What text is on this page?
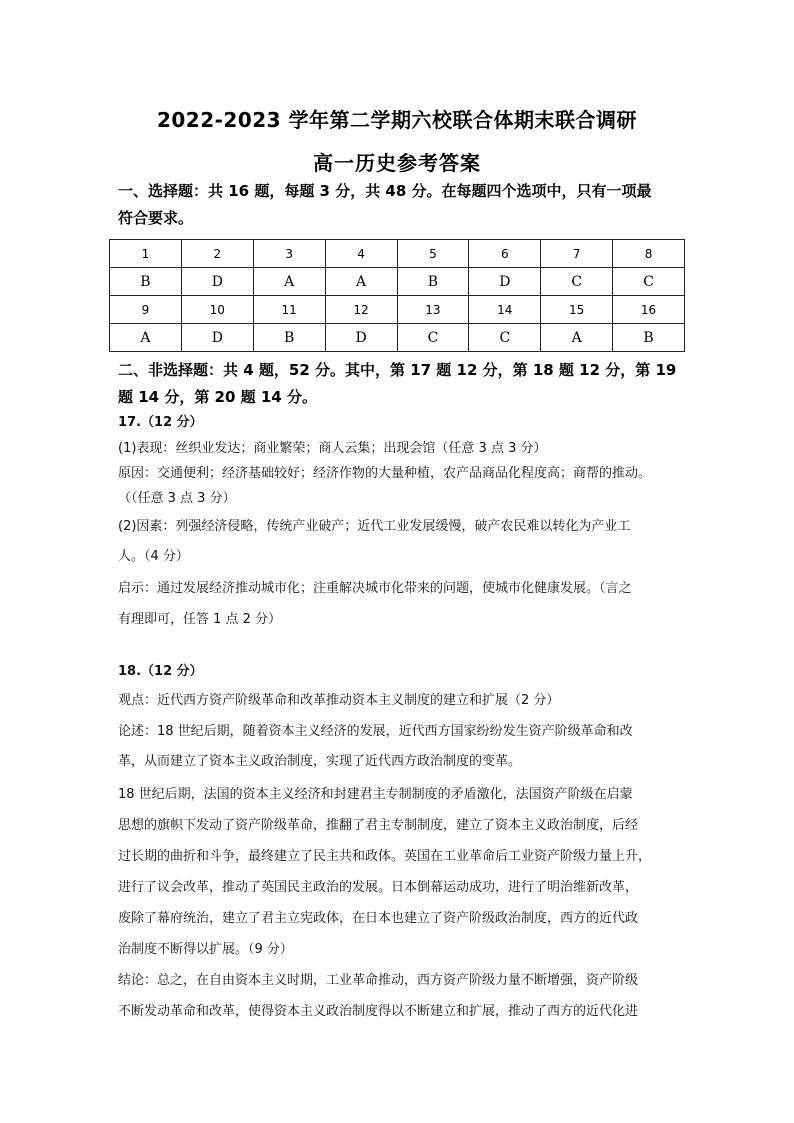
2022-2023 学年第二学期六校联合体期末联合调研
高一历史参考答案
一、选择题：共 16 题，每题 3 分，共 48 分。在每题四个选项中，只有一项最
符合要求。
1	2	3	4	5	6	7	8
B	D	A	A	B	D	C	C
9	10	11	12	13	14	15	16
A	D	B	D	C	C	A	B
二、非选择题：共 4 题，52 分。其中，第 17 题 12 分，第 18 题 12 分，第 19
题 14 分，第 20 题 14 分。
17.（12 分）
(1)表现：丝织业发达；商业繁荣；商人云集；出现会馆（任意 3 点 3 分）
原因：交通便利；经济基础较好；经济作物的大量种植，农产品商品化程度高；商帮的推动。
（（任意 3 点 3 分）
(2)因素：列强经济侵略，传统产业破产；近代工业发展缓慢，破产农民难以转化为产业工
人。（4 分）
启示：通过发展经济推动城市化；注重解决城市化带来的问题，使城市化健康发展。（言之
有理即可，任答 1 点 2 分）
18.（12 分）
观点：近代西方资产阶级革命和改革推动资本主义制度的建立和扩展（2 分）
论述：18 世纪后期，随着资本主义经济的发展，近代西方国家纷纷发生资产阶级革命和改
革，从而建立了资本主义政治制度，实现了近代西方政治制度的变革。
18 世纪后期，法国的资本主义经济和封建君主专制制度的矛盾激化，法国资产阶级在启蒙
思想的旗帜下发动了资产阶级革命，推翻了君主专制制度，建立了资本主义政治制度，后经
过长期的曲折和斗争，最终建立了民主共和政体。英国在工业革命后工业资产阶级力量上升，
进行了议会改革，推动了英国民主政治的发展。日本倒幕运动成功，进行了明治维新改革，
废除了幕府统治，建立了君主立宪政体，在日本也建立了资产阶级政治制度，西方的近代政
治制度不断得以扩展。（9 分）
结论：总之，在自由资本主义时期，工业革命推动，西方资产阶级力量不断增强，资产阶级
不断发动革命和改革，使得资本主义政治制度得以不断建立和扩展，推动了西方的近代化进
